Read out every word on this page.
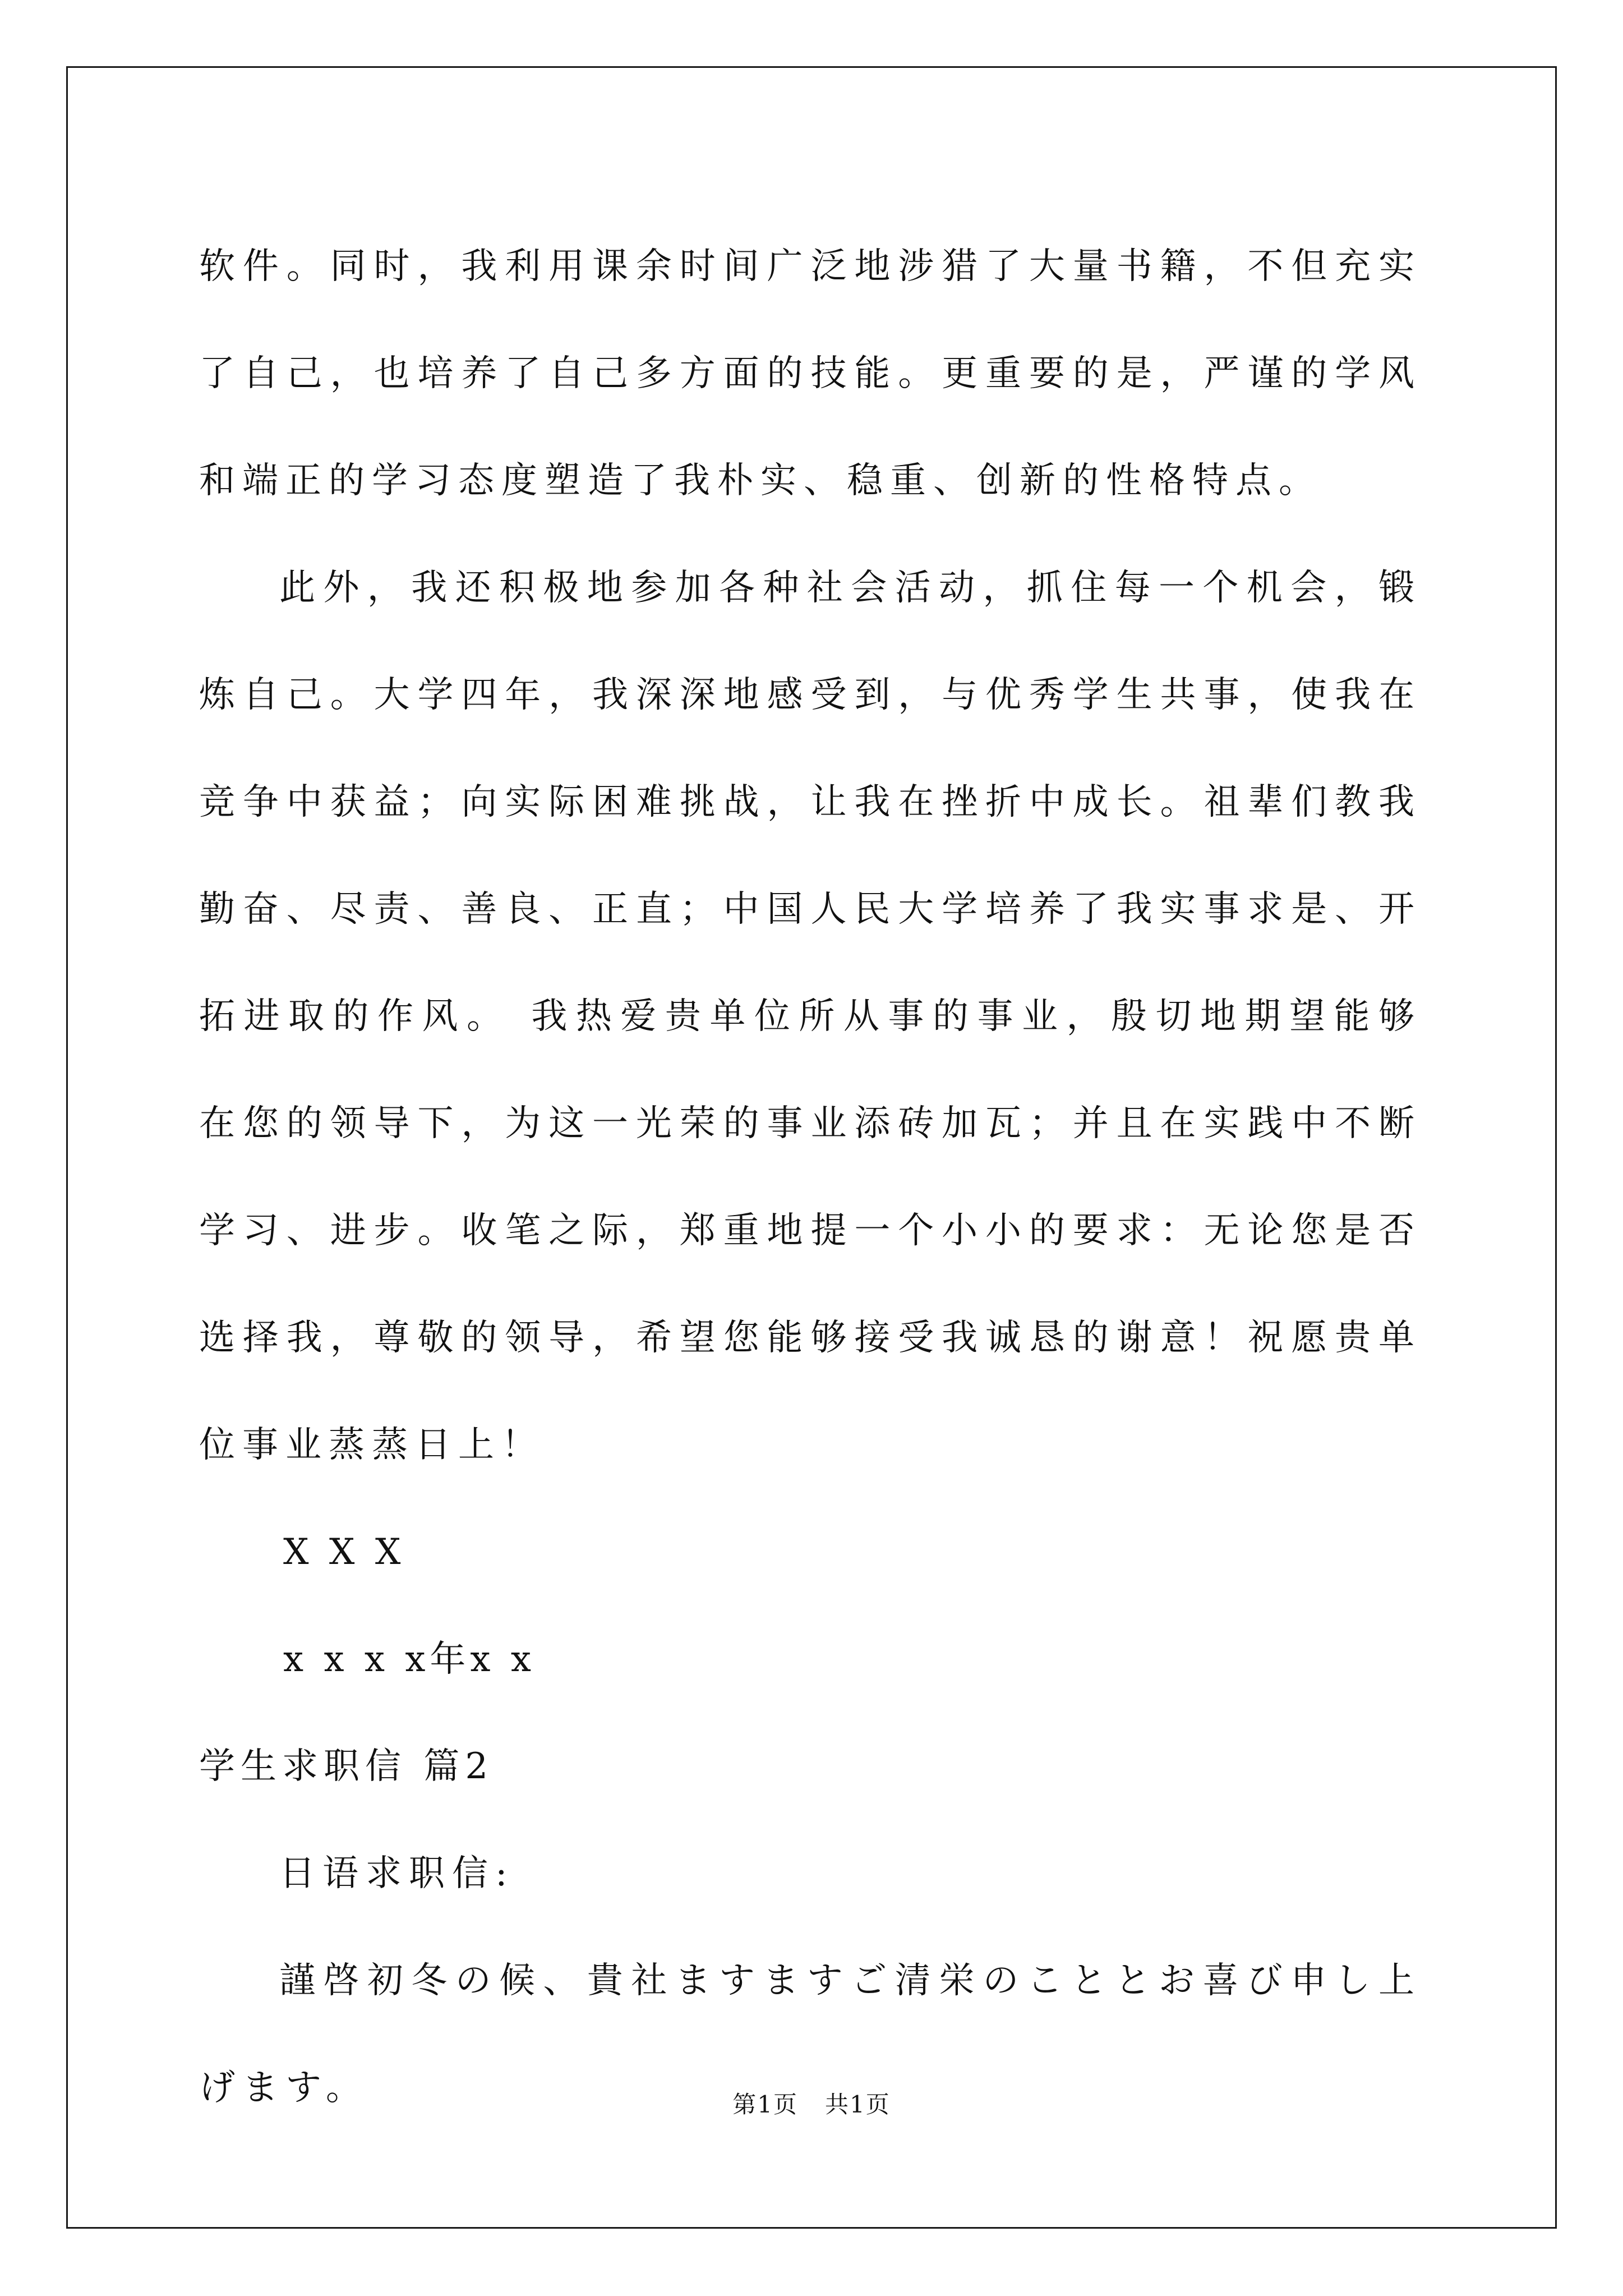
软件。同时，我利用课余时间广泛地涉猎了大量书籍，不但充实了自己，也培养了自己多方面的技能。更重要的是，严谨的学风和端正的学习态度塑造了我朴实、稳重、创新的性格特点。

此外，我还积极地参加各种社会活动，抓住每一个机会，锻炼自己。大学四年，我深深地感受到，与优秀学生共事，使我在竞争中获益；向实际困难挑战，让我在挫折中成长。祖辈们教我勤奋、尽责、善良、正直；中国人民大学培养了我实事求是、开拓进取的作风。 我热爱贵单位所从事的事业，殷切地期望能够在您的领导下，为这一光荣的事业添砖加瓦；并且在实践中不断学习、进步。收笔之际，郑重地提一个小小的要求：无论您是否选择我，尊敬的领导，希望您能够接受我诚恳的谢意！祝愿贵单位事业蒸蒸日上！

X X X
x x x x年x x

学生求职信 篇2

日语求职信:

謹啓初冬の候、貴社ますますご清栄のこととお喜び申し上げます。	第1页 共1页
